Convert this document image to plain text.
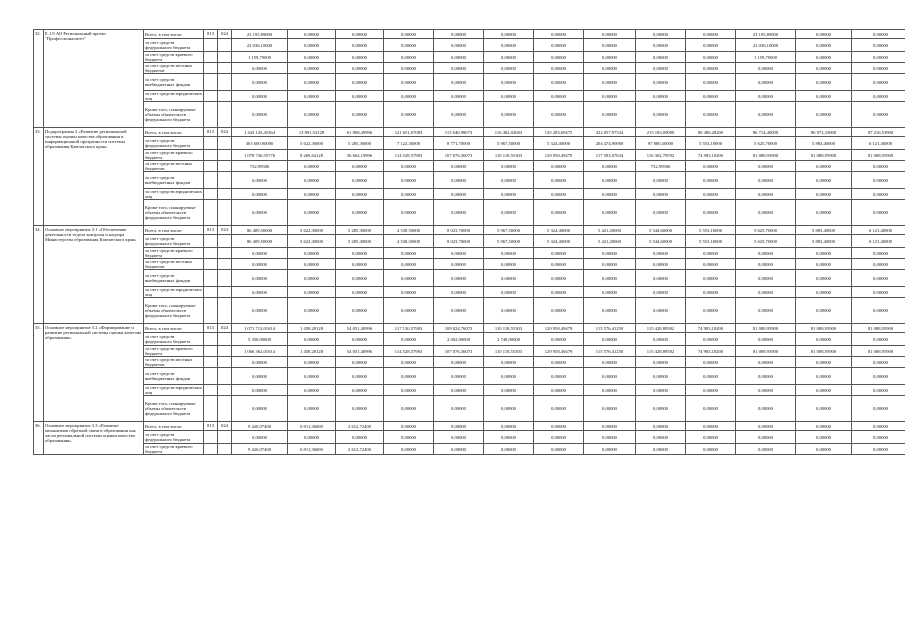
32.	Е.1.9 АО Региональный проект "Профессионалитет"	Всего, в том числе:	813	024	23 195,89000	0,00000	0,00000	0,00000	0,00000	0,00000	0,00000	0,00000	0,00000	0,00000	23 195,89000	0,00000	0,00000
		за счет средств федерального бюджета			22 036,10000	0,00000	0,00000	0,00000	0,00000	0,00000	0,00000	0,00000	0,00000	0,00000	22 036,10000	0,00000	0,00000
		за счет средств краевого бюджета			1 159,79000	0,00000	0,00000	0,00000	0,00000	0,00000	0,00000	0,00000	0,00000	0,00000	1 159,79000	0,00000	0,00000
		за счет средств местных бюджетов			0,00000	0,00000	0,00000	0,00000	0,00000	0,00000	0,00000	0,00000	0,00000	0,00000	0,00000	0,00000	0,00000
		за счет средств внебюджетных фондов			0,00000	0,00000	0,00000	0,00000	0,00000	0,00000	0,00000	0,00000	0,00000	0,00000	0,00000	0,00000	0,00000
		за счет средств юридических лиц			0,00000	0,00000	0,00000	0,00000	0,00000	0,00000	0,00000	0,00000	0,00000	0,00000	0,00000	0,00000	0,00000
		Кроме того, планируемые объемы обязательств федерального бюджета			0,00000	0,00000	0,00000	0,00000	0,00000	0,00000	0,00000	0,00000	0,00000	0,00000	0,00000	0,00000	0,00000
33.	Подпрограмма 3 «Развитие региональной системы оценки качества образования и информационной прозрачности системы образования Камчатского края»	Всего, в том числе:	813	024	1 443 145,45364	13 891,54128	61 868,49996	121 651,07083	115 640,98073	116 482,02603	135 283,69475	322 057,97534	215 183,09000	80 486,28200	86 714,40000	86 972,33000	87 216,53900
		за счет средств федерального бюджета			363 600,90000	5 622,30000	5 285,30000	7 122,30000	8 771,70000	5 967,50000	5 324,40000	204 474,90000	97 880,30000	5 553,10000	5 625,70000	5 883,40000	6 121,40000
		за счет средств краевого бюджета			1 078 736,55778	8 269,64128	56 664,19996	114 528,57983	107 076,36073	110 118,55303	129 958,49479	117 583,07634	116 302,79592	74 983,18200	81 088,95900	81 088,95900	81 088,95900
		за счет средств местных бюджетов			732,99586	0,00000	0,00000	0,00000	0,00000	0,00000	0,00000	0,00000	732,99586	0,00000	0,00000	0,00000	0,00000
		за счет средств внебюджетных фондов			0,00000	0,00000	0,00000	0,00000	0,00000	0,00000	0,00000	0,00000	0,00000	0,00000	0,00000	0,00000	0,00000
		за счет средств юридических лиц			0,00000	0,00000	0,00000	0,00000	0,00000	0,00000	0,00000	0,00000	0,00000	0,00000	0,00000	0,00000	0,00000
		Кроме того, планируемые объемы обязательств федерального бюджета			0,00000	0,00000	0,00000	0,00000	0,00000	0,00000	0,00000	0,00000	0,00000	0,00000	0,00000	0,00000	0,00000
34.	Основное мероприятие 3.1 «Обеспечение деятельности отдела контроля и надзора Министерства образования Камчатского края»	Всего, в том числе:	813	024	86 409,50000	5 622,30000	5 285,30000	4 538,50000	8 023,70000	5 967,50000	5 324,40000	5 421,20000	5 544,60000	5 553,10000	5 625,70000	5 883,40000	6 121,40000
		за счет средств федерального бюджета			86 409,50000	5 622,30000	5 285,30000	4 538,50000	8 023,70000	5 967,50000	5 324,40000	5 421,20000	5 544,60000	5 553,10000	5 625,70000	5 883,40000	6 121,40000
		за счет средств краевого бюджета			0,00000	0,00000	0,00000	0,00000	0,00000	0,00000	0,00000	0,00000	0,00000	0,00000	0,00000	0,00000	0,00000
		за счет средств местных бюджетов			0,00000	0,00000	0,00000	0,00000	0,00000	0,00000	0,00000	0,00000	0,00000	0,00000	0,00000	0,00000	0,00000
		за счет средств внебюджетных фондов			0,00000	0,00000	0,00000	0,00000	0,00000	0,00000	0,00000	0,00000	0,00000	0,00000	0,00000	0,00000	0,00000
		за счет средств юридических лиц			0,00000	0,00000	0,00000	0,00000	0,00000	0,00000	0,00000	0,00000	0,00000	0,00000	0,00000	0,00000	0,00000
		Кроме того, планируемые объемы обязательств федерального бюджета			0,00000	0,00000	0,00000	0,00000	0,00000	0,00000	0,00000	0,00000	0,00000	0,00000	0,00000	0,00000	0,00000
35.	Основное мероприятие 3.2 «Формирование и развитие региональной системы оценки качества образования»	Всего, в том числе:	813	024	1 071 712,01614	1 458,28128	54 051,40996	117 130,57983	109 024,76073	110 118,55303	129 958,49479	115 576,41250	115 428,89582	74 983,18200	81 088,95900	81 088,95900	81 088,95900
		за счет средств федерального бюджета			5 350,00000	0,00000	0,00000	0,00000	2 002,00000	2 748,00000	0,00000	0,00000	0,00000	0,00000	0,00000	0,00000	0,00000
		за счет средств краевого бюджета			1 066 362,01614	1 458,28128	54 051,40996	114 528,57983	107 076,36073	110 118,55303	129 958,49479	115 576,41250	115 428,89582	74 983,18200	81 088,95900	81 088,95900	81 088,95900
		за счет средств местных бюджетов			0,00000	0,00000	0,00000	0,00000	0,00000	0,00000	0,00000	0,00000	0,00000	0,00000	0,00000	0,00000	0,00000
		за счет средств внебюджетных фондов			0,00000	0,00000	0,00000	0,00000	0,00000	0,00000	0,00000	0,00000	0,00000	0,00000	0,00000	0,00000	0,00000
		за счет средств юридических лиц			0,00000	0,00000	0,00000	0,00000	0,00000	0,00000	0,00000	0,00000	0,00000	0,00000	0,00000	0,00000	0,00000
		Кроме того, планируемые объемы обязательств федерального бюджета			0,00000	0,00000	0,00000	0,00000	0,00000	0,00000	0,00000	0,00000	0,00000	0,00000	0,00000	0,00000	0,00000
36.	Основное мероприятие 3.3 «Развитие механизмов обратной связи в образовании как части региональной системы оценки качества образования»	Всего, в том числе:	813	024	9 420,07400	6 811,36000	2 612,72400	0,00000	0,00000	0,00000	0,00000	0,00000	0,00000	0,00000	0,00000	0,00000	0,00000
		за счет средств федерального бюджета			0,00000	0,00000	0,00000	0,00000	0,00000	0,00000	0,00000	0,00000	0,00000	0,00000	0,00000	0,00000	0,00000
		за счет средств краевого бюджета			9 420,07400	6 811,36000	2 612,72400	0,00000	0,00000	0,00000	0,00000	0,00000	0,00000	0,00000	0,00000	0,00000	0,00000
